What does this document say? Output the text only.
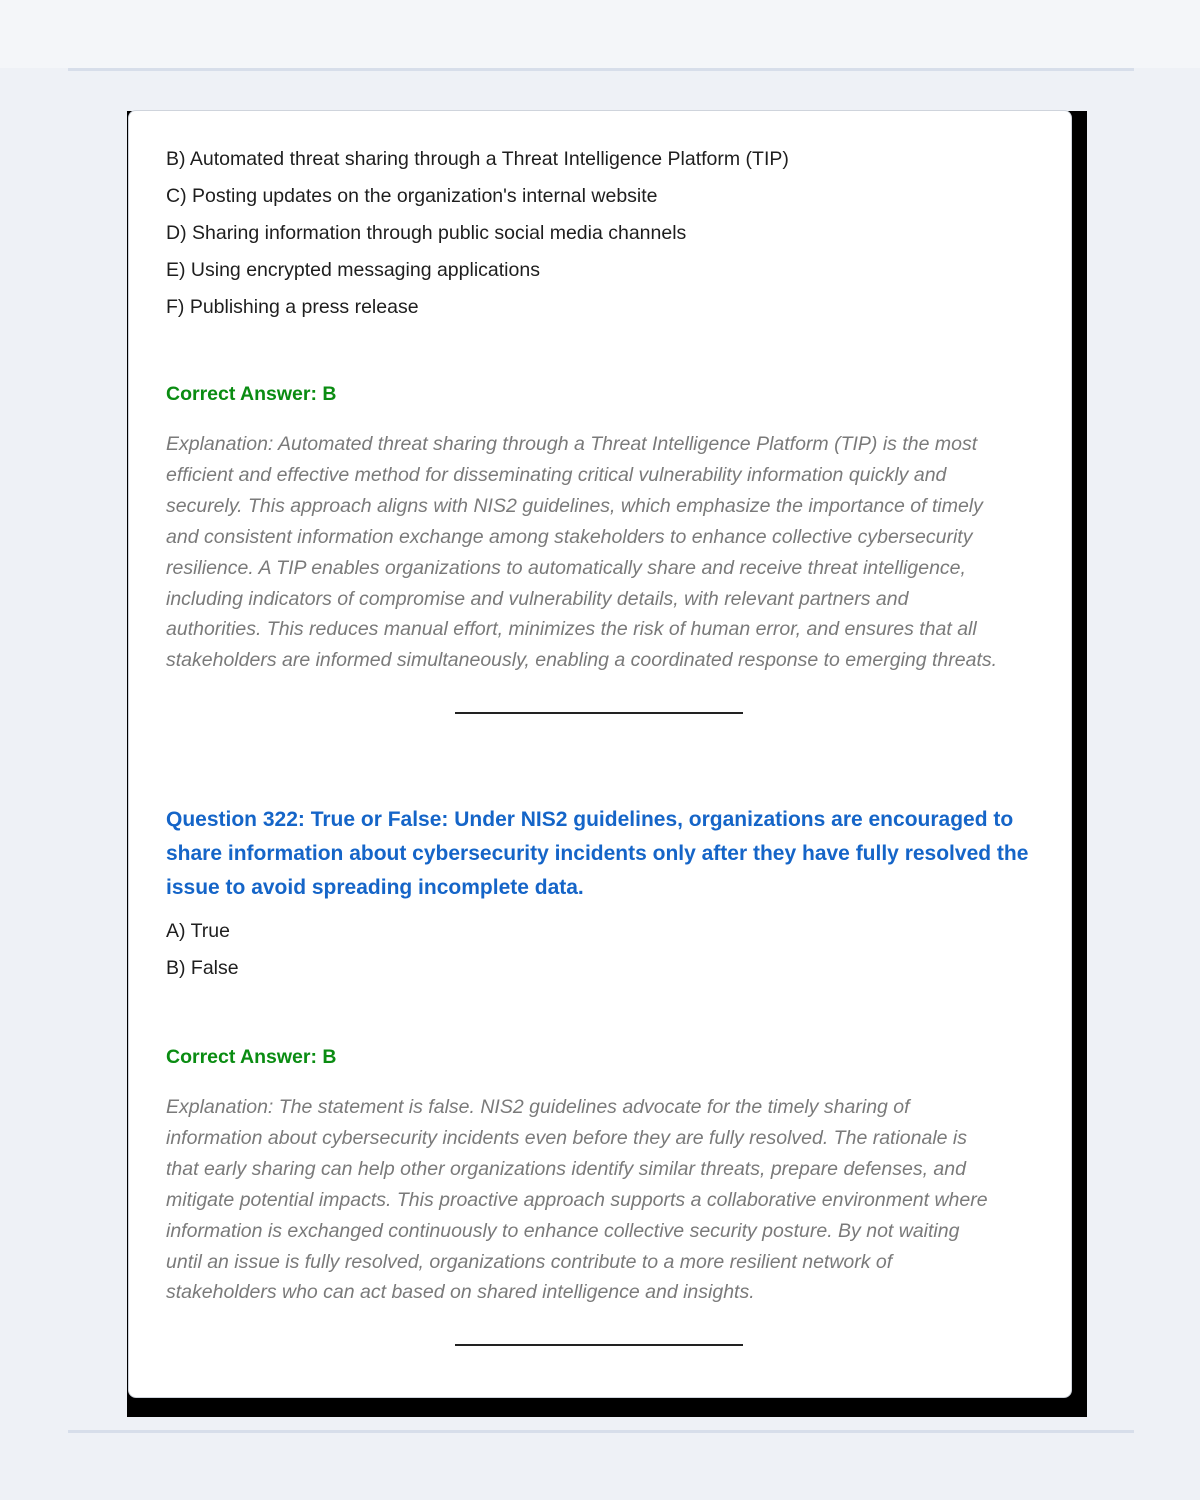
B) Automated threat sharing through a Threat Intelligence Platform (TIP)
C) Posting updates on the organization's internal website
D) Sharing information through public social media channels
E) Using encrypted messaging applications
F) Publishing a press release
Correct Answer: B
Explanation: Automated threat sharing through a Threat Intelligence Platform (TIP) is the most
efficient and effective method for disseminating critical vulnerability information quickly and
securely. This approach aligns with NIS2 guidelines, which emphasize the importance of timely
and consistent information exchange among stakeholders to enhance collective cybersecurity
resilience. A TIP enables organizations to automatically share and receive threat intelligence,
including indicators of compromise and vulnerability details, with relevant partners and
authorities. This reduces manual effort, minimizes the risk of human error, and ensures that all
stakeholders are informed simultaneously, enabling a coordinated response to emerging threats.
Question 322: True or False: Under NIS2 guidelines, organizations are encouraged to
share information about cybersecurity incidents only after they have fully resolved the
issue to avoid spreading incomplete data.
A) True
B) False
Correct Answer: B
Explanation: The statement is false. NIS2 guidelines advocate for the timely sharing of
information about cybersecurity incidents even before they are fully resolved. The rationale is
that early sharing can help other organizations identify similar threats, prepare defenses, and
mitigate potential impacts. This proactive approach supports a collaborative environment where
information is exchanged continuously to enhance collective security posture. By not waiting
until an issue is fully resolved, organizations contribute to a more resilient network of
stakeholders who can act based on shared intelligence and insights.
